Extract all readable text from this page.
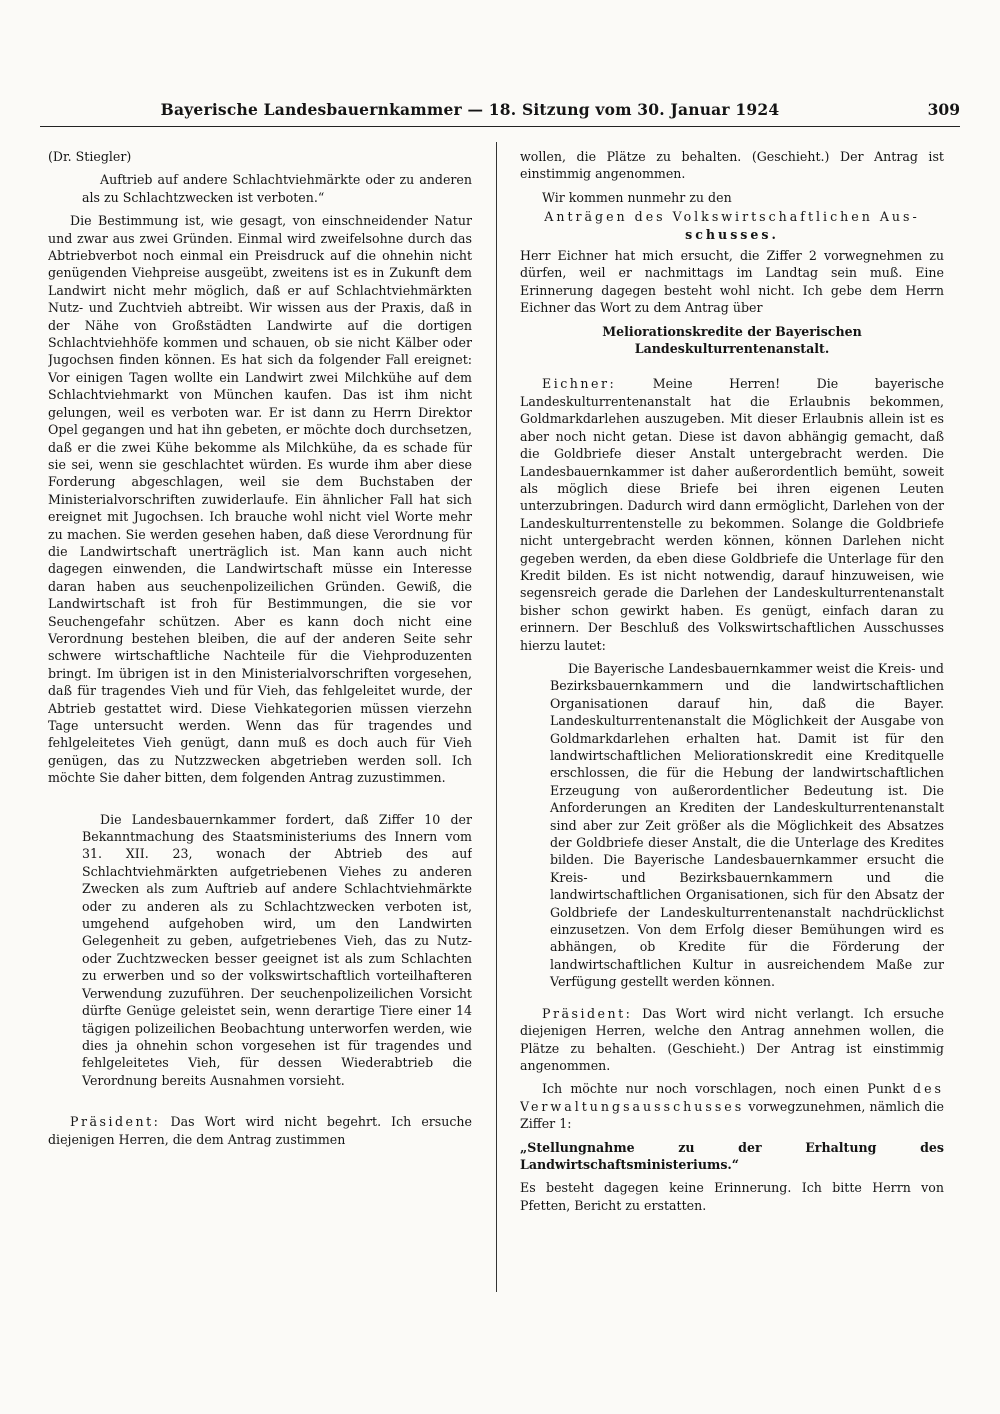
Bayerische Landesbauernkammer — 18. Sitzung vom 30. Januar 1924	309

(Dr. Stiegler)

Auftrieb auf andere Schlachtviehmärkte oder zu anderen als zu Schlachtzwecken ist verboten.“

Die Bestimmung ist, wie gesagt, von einschneidender Natur und zwar aus zwei Gründen. Einmal wird zweifelsohne durch das Abtriebverbot noch einmal ein Preisdruck auf die ohnehin nicht genügenden Viehpreise ausgeübt, zweitens ist es in Zukunft dem Landwirt nicht mehr möglich, daß er auf Schlachtviehmärkten Nutz- und Zuchtvieh abtreibt. Wir wissen aus der Praxis, daß in der Nähe von Großstädten Landwirte auf die dortigen Schlachtviehhöfe kommen und schauen, ob sie nicht Kälber oder Jugochsen finden können. Es hat sich da folgender Fall ereignet: Vor einigen Tagen wollte ein Landwirt zwei Milchkühe auf dem Schlachtviehmarkt von München kaufen. Das ist ihm nicht gelungen, weil es verboten war. Er ist dann zu Herrn Direktor Opel gegangen und hat ihn gebeten, er möchte doch durchsetzen, daß er die zwei Kühe bekomme als Milchkühe, da es schade für sie sei, wenn sie geschlachtet würden. Es wurde ihm aber diese Forderung abgeschlagen, weil sie dem Buchstaben der Ministerialvorschriften zuwiderlaufe. Ein ähnlicher Fall hat sich ereignet mit Jugochsen. Ich brauche wohl nicht viel Worte mehr zu machen. Sie werden gesehen haben, daß diese Verordnung für die Landwirtschaft unerträglich ist. Man kann auch nicht dagegen einwenden, die Landwirtschaft müsse ein Interesse daran haben aus seuchenpolizeilichen Gründen. Gewiß, die Landwirtschaft ist froh für Bestimmungen, die sie vor Seuchengefahr schützen. Aber es kann doch nicht eine Verordnung bestehen bleiben, die auf der anderen Seite sehr schwere wirtschaftliche Nachteile für die Viehproduzenten bringt. Im übrigen ist in den Ministerialvorschriften vorgesehen, daß für tragendes Vieh und für Vieh, das fehlgeleitet wurde, der Abtrieb gestattet wird. Diese Viehkategorien müssen vierzehn Tage untersucht werden. Wenn das für tragendes und fehlgeleitetes Vieh genügt, dann muß es doch auch für Vieh genügen, das zu Nutzzwecken abgetrieben werden soll. Ich möchte Sie daher bitten, dem folgenden Antrag zuzustimmen.

Die Landesbauernkammer fordert, daß Ziffer 10 der Bekanntmachung des Staatsministeriums des Innern vom 31. XII. 23, wonach der Abtrieb des auf Schlachtviehmärkten aufgetriebenen Viehes zu anderen Zwecken als zum Auftrieb auf andere Schlachtviehmärkte oder zu anderen als zu Schlachtzwecken verboten ist, umgehend aufgehoben wird, um den Landwirten Gelegenheit zu geben, aufgetriebenes Vieh, das zu Nutz- oder Zuchtzwecken besser geeignet ist als zum Schlachten zu erwerben und so der volkswirtschaftlich vorteilhafteren Verwendung zuzuführen. Der seuchenpolizeilichen Vorsicht dürfte Genüge geleistet sein, wenn derartige Tiere einer 14 tägigen polizeilichen Beobachtung unterworfen werden, wie dies ja ohnehin schon vorgesehen ist für tragendes und fehlgeleitetes Vieh, für dessen Wiederabtrieb die Verordnung bereits Ausnahmen vorsieht.

Präsident: Das Wort wird nicht begehrt. Ich ersuche diejenigen Herren, die dem Antrag zustimmen

wollen, die Plätze zu behalten. (Geschieht.) Der Antrag ist einstimmig angenommen.

Wir kommen nunmehr zu den

Anträgen des Volkswirtschaftlichen Aus-

schusses.

Herr Eichner hat mich ersucht, die Ziffer 2 vorwegnehmen zu dürfen, weil er nachmittags im Landtag sein muß. Eine Erinnerung dagegen besteht wohl nicht. Ich gebe dem Herrn Eichner das Wort zu dem Antrag über

Meliorationskredite der Bayerischen Landeskulturrentenanstalt.

Eichner:	Meine Herren! Die bayerische Landeskulturrentenanstalt hat die Erlaubnis bekommen, Goldmarkdarlehen auszugeben. Mit dieser Erlaubnis allein ist es aber noch nicht getan. Diese ist davon abhängig gemacht, daß die Goldbriefe dieser Anstalt untergebracht werden. Die Landesbauernkammer ist daher außerordentlich bemüht, soweit als möglich diese Briefe bei ihren eigenen Leuten unterzubringen. Dadurch wird dann ermöglicht, Darlehen von der Landeskulturrentenstelle zu bekommen. Solange die Goldbriefe nicht untergebracht werden können, können Darlehen nicht gegeben werden, da eben diese Goldbriefe die Unterlage für den Kredit bilden. Es ist nicht notwendig, darauf hinzuweisen, wie segensreich gerade die Darlehen der Landeskulturrentenanstalt bisher schon gewirkt haben. Es genügt, einfach daran zu erinnern. Der Beschluß des Volkswirtschaftlichen Ausschusses hierzu lautet:

Die Bayerische Landesbauernkammer weist die Kreis- und Bezirksbauernkammern und die landwirtschaftlichen Organisationen darauf hin, daß die Bayer. Landeskulturrentenanstalt die Möglichkeit der Ausgabe von Goldmarkdarlehen erhalten hat. Damit ist für den landwirtschaftlichen Meliorationskredit eine Kreditquelle erschlossen, die für die Hebung der landwirtschaftlichen Erzeugung von außerordentlicher Bedeutung ist. Die Anforderungen an Krediten der Landeskulturrentenanstalt sind aber zur Zeit größer als die Möglichkeit des Absatzes der Goldbriefe dieser Anstalt, die die Unterlage des Kredites bilden. Die Bayerische Landesbauernkammer ersucht die Kreis- und Bezirksbauernkammern und die landwirtschaftlichen Organisationen, sich für den Absatz der Goldbriefe der Landeskulturrentenanstalt nachdrücklichst einzusetzen. Von dem Erfolg dieser Bemühungen wird es abhängen, ob Kredite für die Förderung der landwirtschaftlichen Kultur in ausreichendem Maße zur Verfügung gestellt werden können.

Präsident: Das Wort wird nicht verlangt. Ich ersuche diejenigen Herren, welche den Antrag annehmen wollen, die Plätze zu behalten. (Geschieht.) Der Antrag ist einstimmig angenommen.

Ich möchte nur noch vorschlagen, noch einen Punkt des Verwaltungsausschusses vorwegzunehmen, nämlich die Ziffer 1:

„Stellungnahme zu der Erhaltung des Landwirtschaftsministeriums.“

Es besteht dagegen keine Erinnerung. Ich bitte Herrn von Pfetten, Bericht zu erstatten.
